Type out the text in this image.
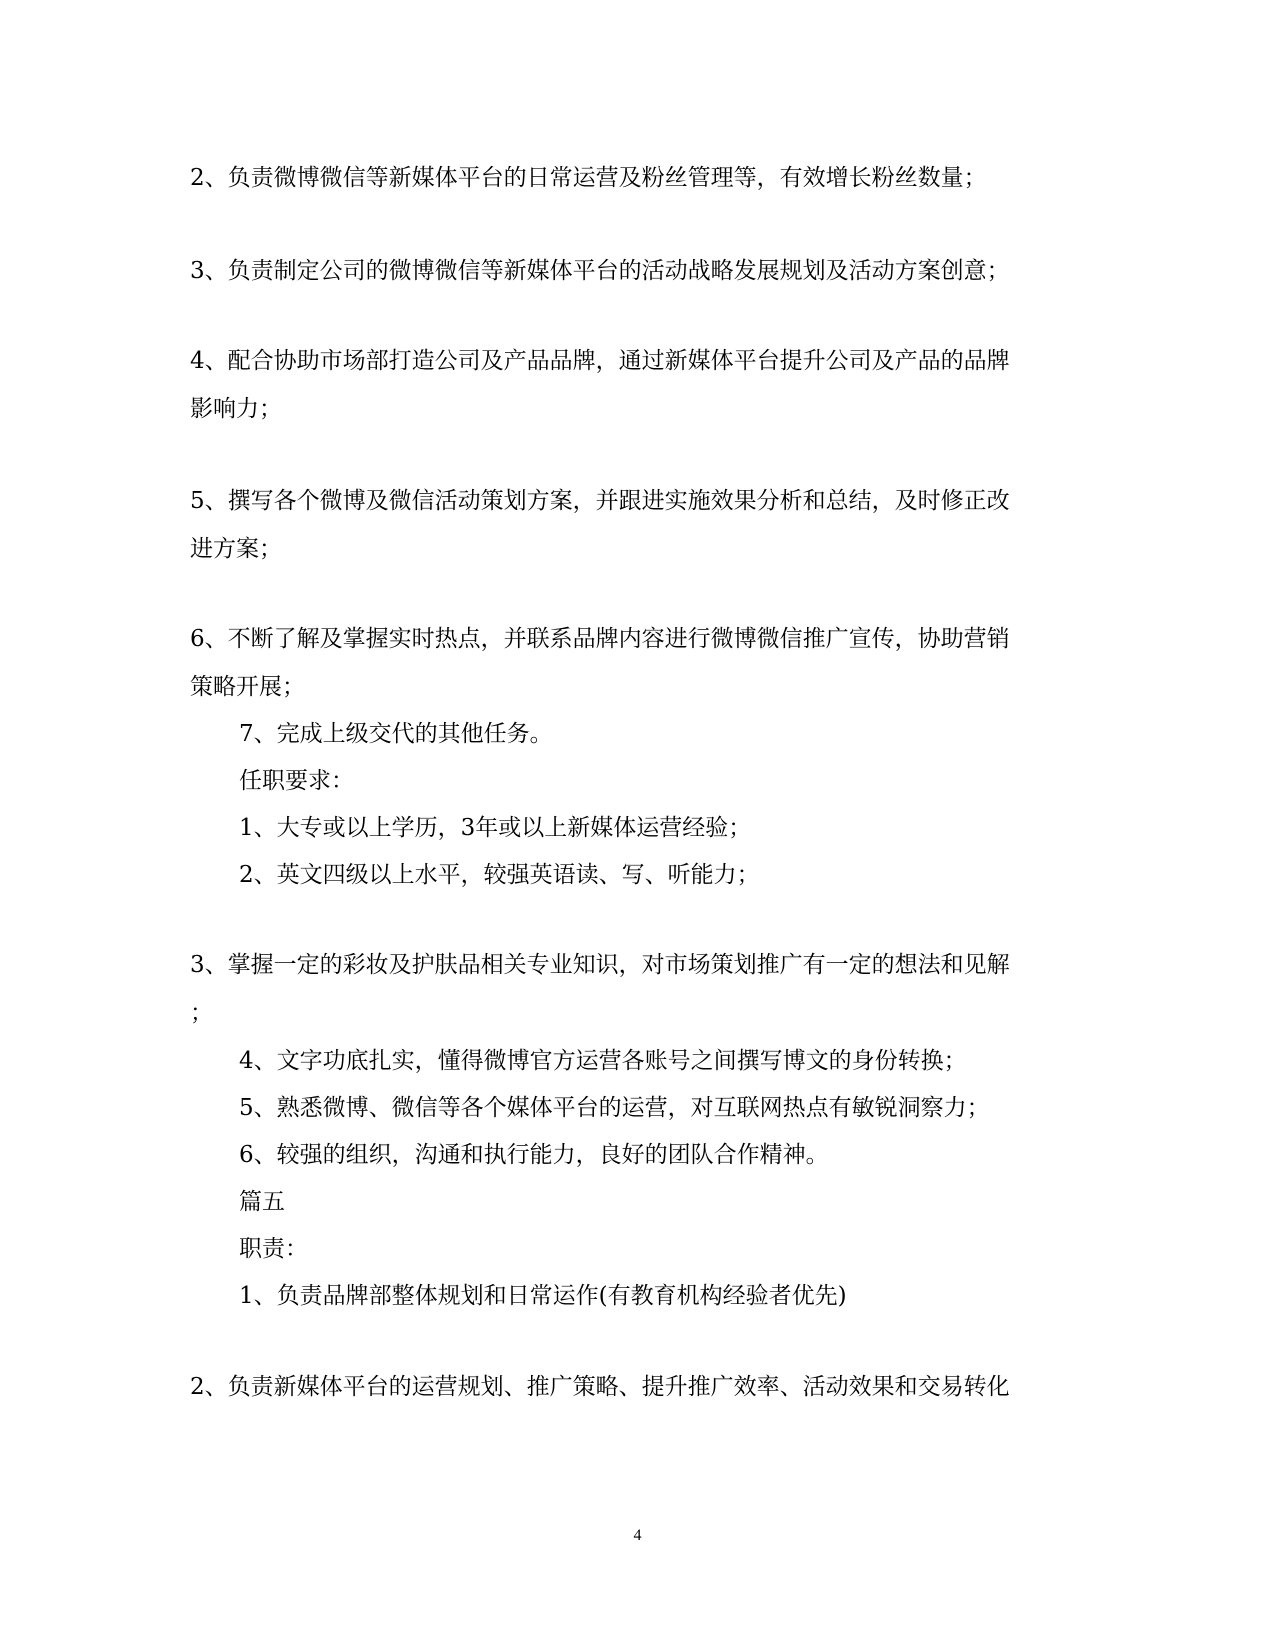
2、负责微博微信等新媒体平台的日常运营及粉丝管理等，有效增长粉丝数量；
3、负责制定公司的微博微信等新媒体平台的活动战略发展规划及活动方案创意；
4、配合协助市场部打造公司及产品品牌，通过新媒体平台提升公司及产品的品牌
影响力；
5、撰写各个微博及微信活动策划方案，并跟进实施效果分析和总结，及时修正改
进方案；
6、不断了解及掌握实时热点，并联系品牌内容进行微博微信推广宣传，协助营销
策略开展；
7、完成上级交代的其他任务。
任职要求：
1、大专或以上学历，3年或以上新媒体运营经验；
2、英文四级以上水平，较强英语读、写、听能力；
3、掌握一定的彩妆及护肤品相关专业知识，对市场策划推广有一定的想法和见解
；
4、文字功底扎实，懂得微博官方运营各账号之间撰写博文的身份转换；
5、熟悉微博、微信等各个媒体平台的运营，对互联网热点有敏锐洞察力；
6、较强的组织，沟通和执行能力，良好的团队合作精神。
篇五
职责：
1、负责品牌部整体规划和日常运作(有教育机构经验者优先)
2、负责新媒体平台的运营规划、推广策略、提升推广效率、活动效果和交易转化
4
